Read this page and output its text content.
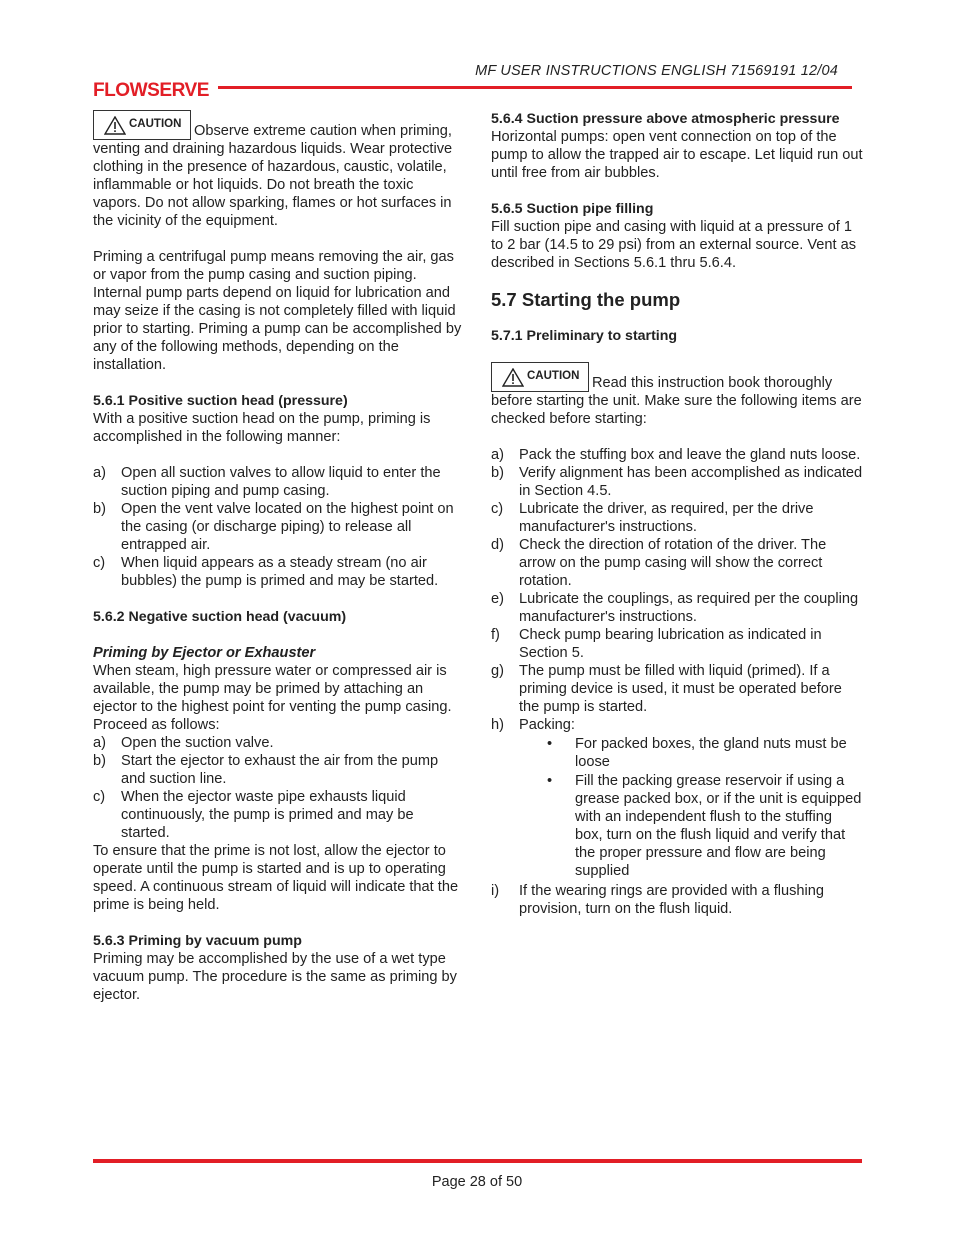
FLOWSERVE
MF USER INSTRUCTIONS ENGLISH 71569191 12/04

CAUTION Observe extreme caution when priming, venting and draining hazardous liquids. Wear protective clothing in the presence of hazardous, caustic, volatile, inflammable or hot liquids. Do not breath the toxic vapors. Do not allow sparking, flames or hot surfaces in the vicinity of the equipment.

Priming a centrifugal pump means removing the air, gas or vapor from the pump casing and suction piping. Internal pump parts depend on liquid for lubrication and may seize if the casing is not completely filled with liquid prior to starting. Priming a pump can be accomplished by any of the following methods, depending on the installation.

5.6.1 Positive suction head (pressure)

With a positive suction head on the pump, priming is accomplished in the following manner:

a) Open all suction valves to allow liquid to enter the suction piping and pump casing.
b) Open the vent valve located on the highest point on the casing (or discharge piping) to release all entrapped air.
c) When liquid appears as a steady stream (no air bubbles) the pump is primed and may be started.

5.6.2 Negative suction head (vacuum)

Priming by Ejector or Exhauster

When steam, high pressure water or compressed air is available, the pump may be primed by attaching an ejector to the highest point for venting the pump casing.

Proceed as follows:

a) Open the suction valve.
b) Start the ejector to exhaust the air from the pump and suction line.
c) When the ejector waste pipe exhausts liquid continuously, the pump is primed and may be started.

To ensure that the prime is not lost, allow the ejector to operate until the pump is started and is up to operating speed. A continuous stream of liquid will indicate that the prime is being held.

5.6.3 Priming by vacuum pump

Priming may be accomplished by the use of a wet type vacuum pump. The procedure is the same as priming by ejector.

5.6.4 Suction pressure above atmospheric pressure

Horizontal pumps: open vent connection on top of the pump to allow the trapped air to escape. Let liquid run out until free from air bubbles.

5.6.5 Suction pipe filling

Fill suction pipe and casing with liquid at a pressure of 1 to 2 bar (14.5 to 29 psi) from an external source. Vent as described in Sections 5.6.1 thru 5.6.4.

5.7 Starting the pump

5.7.1 Preliminary to starting

CAUTION Read this instruction book thoroughly before starting the unit. Make sure the following items are checked before starting:

a) Pack the stuffing box and leave the gland nuts loose.
b) Verify alignment has been accomplished as indicated in Section 4.5.
c) Lubricate the driver, as required, per the drive manufacturer's instructions.
d) Check the direction of rotation of the driver. The arrow on the pump casing will show the correct rotation.
e) Lubricate the couplings, as required per the coupling manufacturer's instructions.
f) Check pump bearing lubrication as indicated in Section 5.
g) The pump must be filled with liquid (primed). If a priming device is used, it must be operated before the pump is started.
h) Packing:
• For packed boxes, the gland nuts must be loose
• Fill the packing grease reservoir if using a grease packed box, or if the unit is equipped with an independent flush to the stuffing box, turn on the flush liquid and verify that the proper pressure and flow are being supplied
i) If the wearing rings are provided with a flushing provision, turn on the flush liquid.
Page 28 of 50
